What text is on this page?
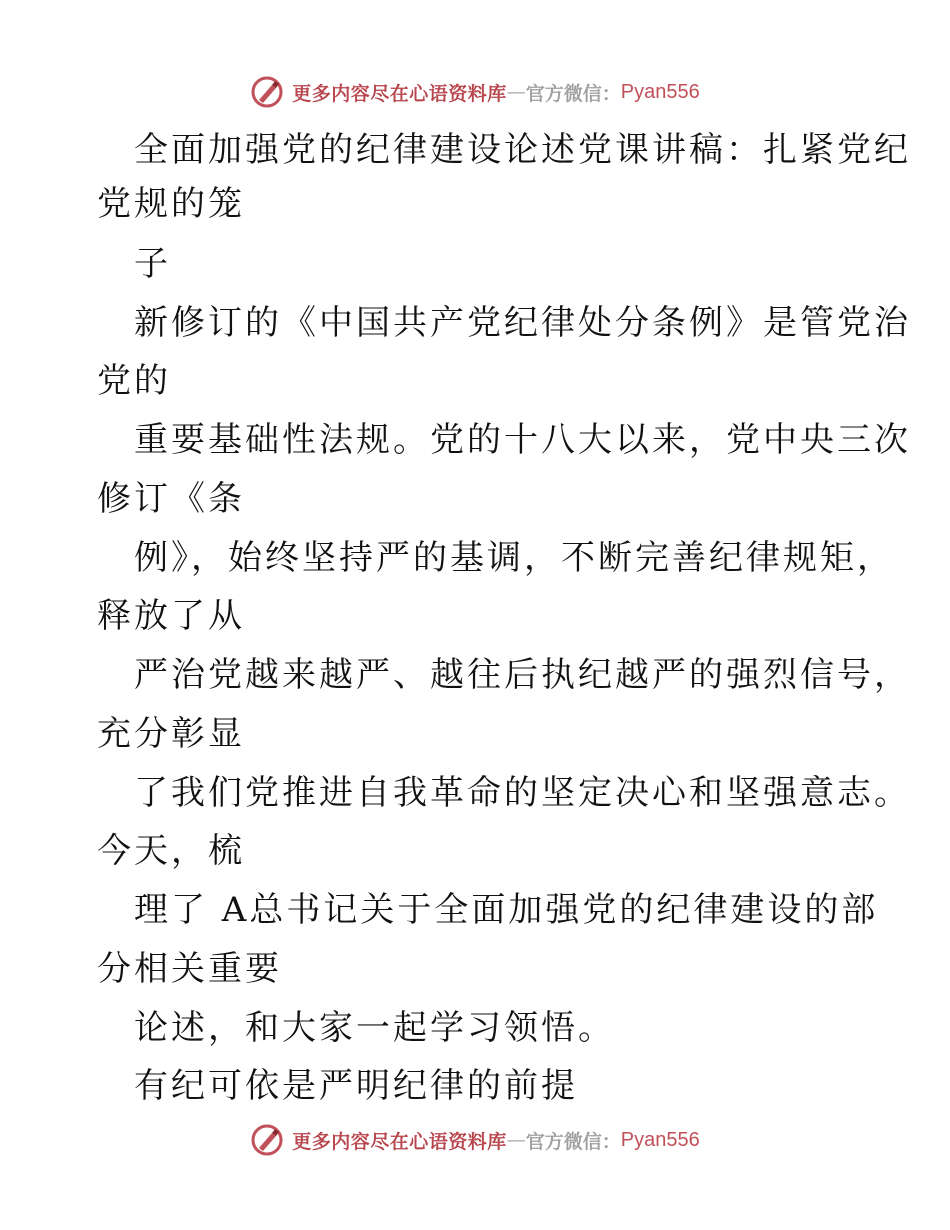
更多内容尽在心语资料库 — 官方微信： Pyan556
全面加强党的纪律建设论述党课讲稿：扎紧党纪
党规的笼
子
新修订的《中国共产党纪律处分条例》是管党治
党的
重要基础性法规。党的十八大以来，党中央三次
修订《条
例》，始终坚持严的基调，不断完善纪律规矩，
释放了从
严治党越来越严、越往后执纪越严的强烈信号，
充分彰显
了我们党推进自我革命的坚定决心和坚强意志。
今天，梳
理了 A总书记关于全面加强党的纪律建设的部
分相关重要
论述，和大家一起学习领悟。
有纪可依是严明纪律的前提
更多内容尽在心语资料库 — 官方微信： Pyan556
